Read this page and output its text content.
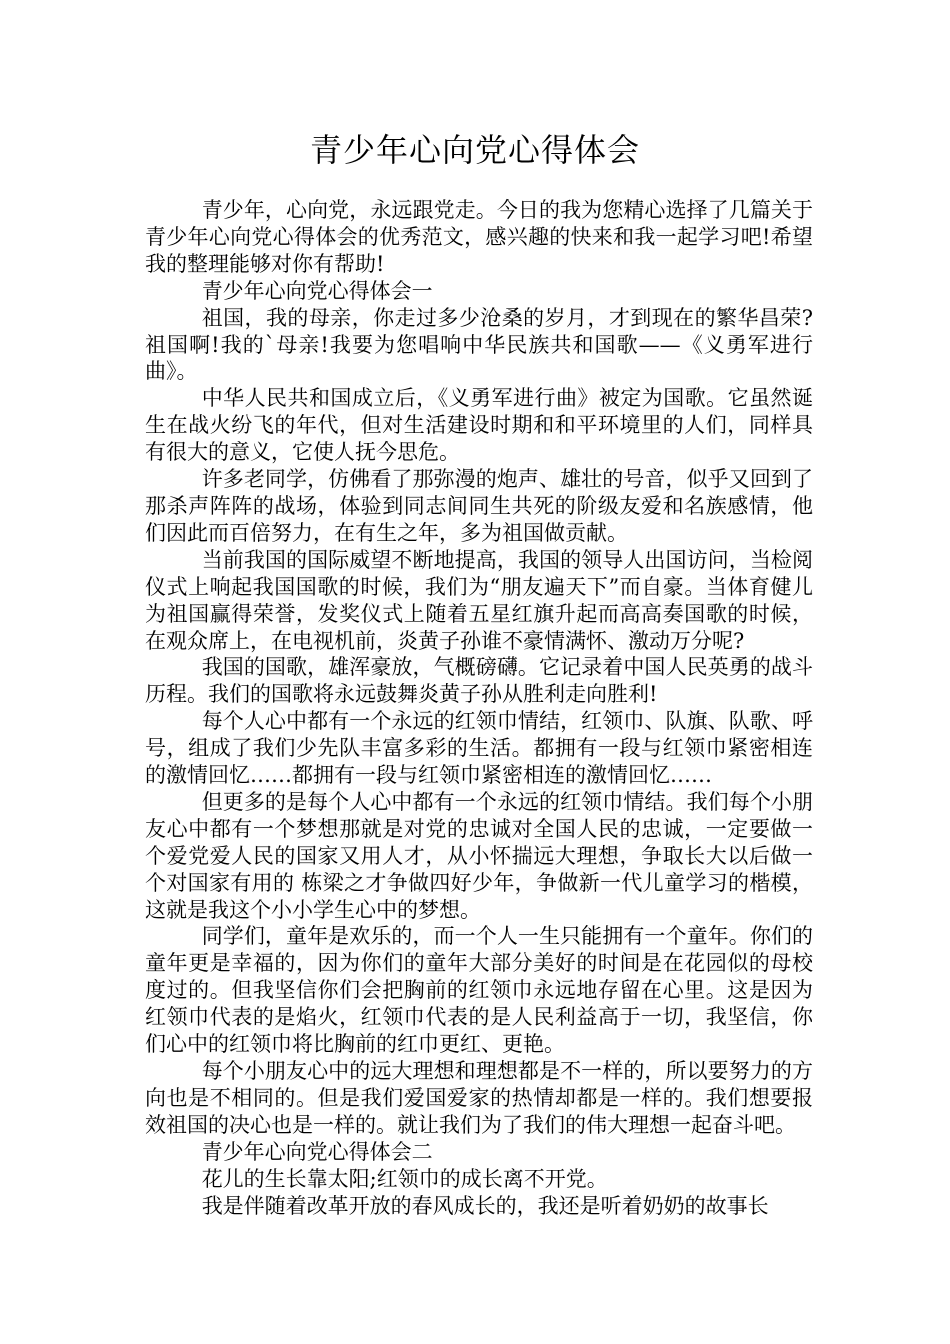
青少年心向党心得体会

青少年，心向党，永远跟党走。今日的我为您精心选择了几篇关于青少年心向党心得体会的优秀范文，感兴趣的快来和我一起学习吧!希望我的整理能够对你有帮助!

青少年心向党心得体会一

祖国，我的母亲，你走过多少沧桑的岁月，才到现在的繁华昌荣?祖国啊!我的`母亲!我要为您唱响中华民族共和国歌——《义勇军进行曲》。

中华人民共和国成立后，《义勇军进行曲》被定为国歌。它虽然诞生在战火纷飞的年代，但对生活建设时期和和平环境里的人们，同样具有很大的意义，它使人抚今思危。

许多老同学，仿佛看了那弥漫的炮声、雄壮的号音，似乎又回到了那杀声阵阵的战场，体验到同志间同生共死的阶级友爱和名族感情，他们因此而百倍努力，在有生之年，多为祖国做贡献。

当前我国的国际威望不断地提高，我国的领导人出国访问，当检阅仪式上响起我国国歌的时候，我们为“朋友遍天下”而自豪。当体育健儿为祖国赢得荣誉，发奖仪式上随着五星红旗升起而高高奏国歌的时候，在观众席上，在电视机前，炎黄子孙谁不豪情满怀、激动万分呢?

我国的国歌，雄浑豪放，气概磅礴。它记录着中国人民英勇的战斗历程。我们的国歌将永远鼓舞炎黄子孙从胜利走向胜利!

每个人心中都有一个永远的红领巾情结，红领巾、队旗、队歌、呼号，组成了我们少先队丰富多彩的生活。都拥有一段与红领巾紧密相连的激情回忆……都拥有一段与红领巾紧密相连的激情回忆……

但更多的是每个人心中都有一个永远的红领巾情结。我们每个小朋友心中都有一个梦想那就是对党的忠诚对全国人民的忠诚，一定要做一个爱党爱人民的国家又用人才，从小怀揣远大理想，争取长大以后做一个对国家有用的 栋梁之才争做四好少年，争做新一代儿童学习的楷模，这就是我这个小小学生心中的梦想。

同学们，童年是欢乐的，而一个人一生只能拥有一个童年。你们的童年更是幸福的，因为你们的童年大部分美好的时间是在花园似的母校度过的。但我坚信你们会把胸前的红领巾永远地存留在心里。这是因为红领巾代表的是焰火，红领巾代表的是人民利益高于一切，我坚信，你们心中的红领巾将比胸前的红巾更红、更艳。

每个小朋友心中的远大理想和理想都是不一样的，所以要努力的方向也是不相同的。但是我们爱国爱家的热情却都是一样的。我们想要报效祖国的决心也是一样的。就让我们为了我们的伟大理想一起奋斗吧。

青少年心向党心得体会二

花儿的生长靠太阳;红领巾的成长离不开党。

我是伴随着改革开放的春风成长的，我还是听着奶奶的故事长
